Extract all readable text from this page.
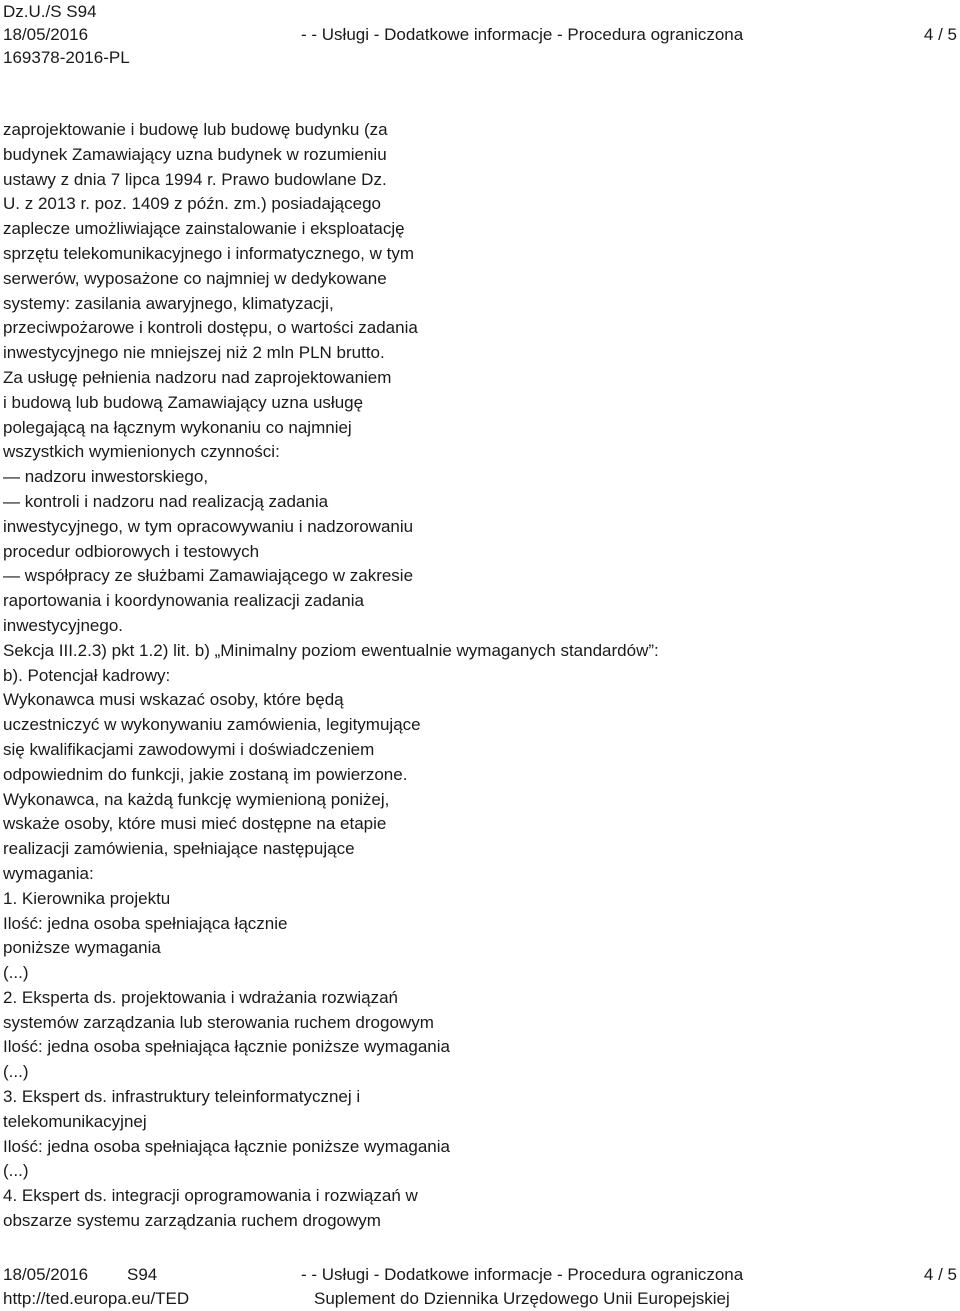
Dz.U./S S94
18/05/2016	- - Usługi - Dodatkowe informacje - Procedura ograniczona	4 / 5
169378-2016-PL
zaprojektowanie i budowę lub budowę budynku (za
budynek Zamawiający uzna budynek w rozumieniu
ustawy z dnia 7 lipca 1994 r. Prawo budowlane Dz.
U. z 2013 r. poz. 1409 z późn. zm.) posiadającego
zaplecze umożliwiające zainstalowanie i eksploatację
sprzętu telekomunikacyjnego i informatycznego, w tym
serwerów, wyposażone co najmniej w dedykowane
systemy: zasilania awaryjnego, klimatyzacji,
przeciwpożarowe i kontroli dostępu, o wartości zadania
inwestycyjnego nie mniejszej niż 2 mln PLN brutto.
Za usługę pełnienia nadzoru nad zaprojektowaniem
i budową lub budową Zamawiający uzna usługę
polegającą na łącznym wykonaniu co najmniej
wszystkich wymienionych czynności:
— nadzoru inwestorskiego,
— kontroli i nadzoru nad realizacją zadania
inwestycyjnego, w tym opracowywaniu i nadzorowaniu
procedur odbiorowych i testowych
— współpracy ze służbami Zamawiającego w zakresie
raportowania i koordynowania realizacji zadania
inwestycyjnego.
Sekcja III.2.3) pkt 1.2) lit. b) „Minimalny poziom ewentualnie wymaganych standardów”:
b). Potencjał kadrowy:
Wykonawca musi wskazać osoby, które będą
uczestniczyć w wykonywaniu zamówienia, legitymujące
się kwalifikacjami zawodowymi i doświadczeniem
odpowiednim do funkcji, jakie zostaną im powierzone.
Wykonawca, na każdą funkcję wymienioną poniżej,
wskaże osoby, które musi mieć dostępne na etapie
realizacji zamówienia, spełniające następujące
wymagania:
1. Kierownika projektu
Ilość: jedna osoba spełniająca łącznie
poniższe wymagania
(...)
2. Eksperta ds. projektowania i wdrażania rozwiązań
systemów zarządzania lub sterowania ruchem drogowym
Ilość: jedna osoba spełniająca łącznie poniższe wymagania
(...)
3. Ekspert ds. infrastruktury teleinformatycznej i
telekomunikacyjnej
Ilość: jedna osoba spełniająca łącznie poniższe wymagania
(...)
4. Ekspert ds. integracji oprogramowania i rozwiązań w
obszarze systemu zarządzania ruchem drogowym
18/05/2016 S94	- - Usługi - Dodatkowe informacje - Procedura ograniczona	4 / 5
http://ted.europa.eu/TED	Suplement do Dziennika Urzędowego Unii Europejskiej
